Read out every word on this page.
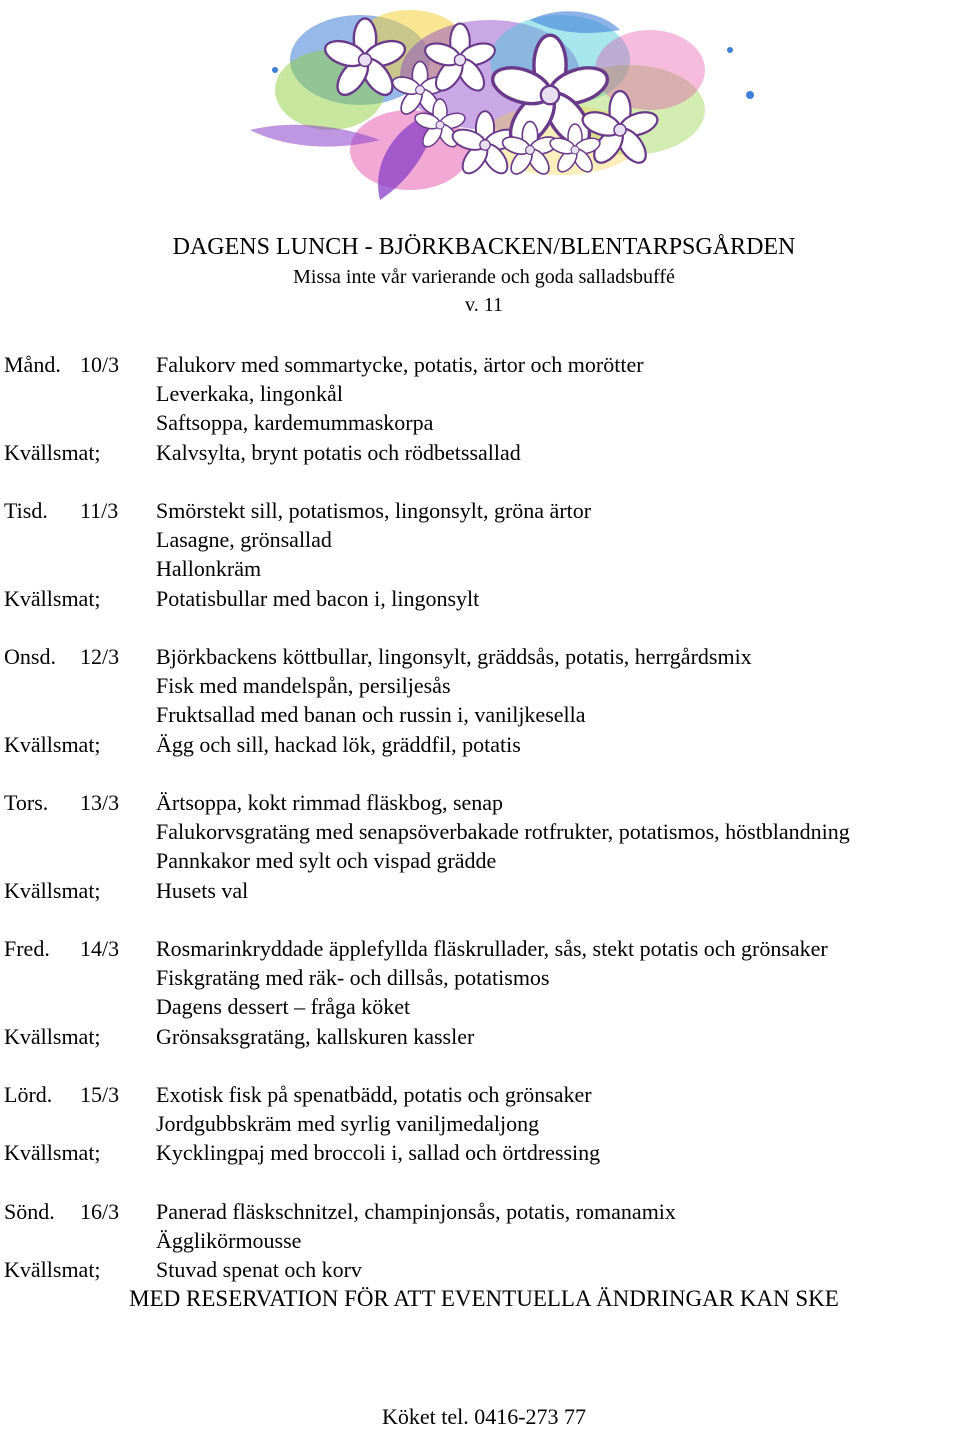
DAGENS LUNCH - BJÖRKBACKEN/BLENTARPSGÅRDEN
Missa inte vår varierande och goda salladsbuffé
v. 11
Månd. 10/3 Falukorv med sommartycke, potatis, ärtor och morötter
Leverkaka, lingonkål
Saftsoppa, kardemummaskorpa
Kvällsmat;	Kalvsylta, brynt potatis och rödbetssallad
Tisd. 11/3 Smörstekt sill, potatismos, lingonsylt, gröna ärtor
Lasagne, grönsallad
Hallonkräm
Kvällsmat;	Potatisbullar med bacon i, lingonsylt
Onsd. 12/3 Björkbackens köttbullar, lingonsylt, gräddsås, potatis, herrgårdsmix
Fisk med mandelspån, persiljesås
Fruktsallad med banan och russin i, vaniljkesella
Kvällsmat;	Ägg och sill, hackad lök, gräddfil, potatis
Tors. 13/3 Ärtsoppa, kokt rimmad fläskbog, senap
Falukorvsgratäng med senapsöverbakade rotfrukter, potatismos, höstblandning
Pannkakor med sylt och vispad grädde
Kvällsmat;	Husets val
Fred. 14/3 Rosmarinkryddade äpplefyllda fläskrullader, sås, stekt potatis och grönsaker
Fiskgratäng med räk- och dillsås, potatismos
Dagens dessert – fråga köket
Kvällsmat;	Grönsaksgratäng, kallskuren kassler
Lörd. 15/3 Exotisk fisk på spenatbädd, potatis och grönsaker
Jordgubbskräm med syrlig vaniljmedaljong
Kvällsmat;	Kycklingpaj med broccoli i, sallad och örtdressing
Sönd. 16/3 Panerad fläskschnitzel, champinjonsås, potatis, romanamix
Ägglikörmousse
Kvällsmat;	Stuvad spenat och korv
MED RESERVATION FÖR ATT EVENTUELLA ÄNDRINGAR KAN SKE
Köket tel. 0416-273 77
